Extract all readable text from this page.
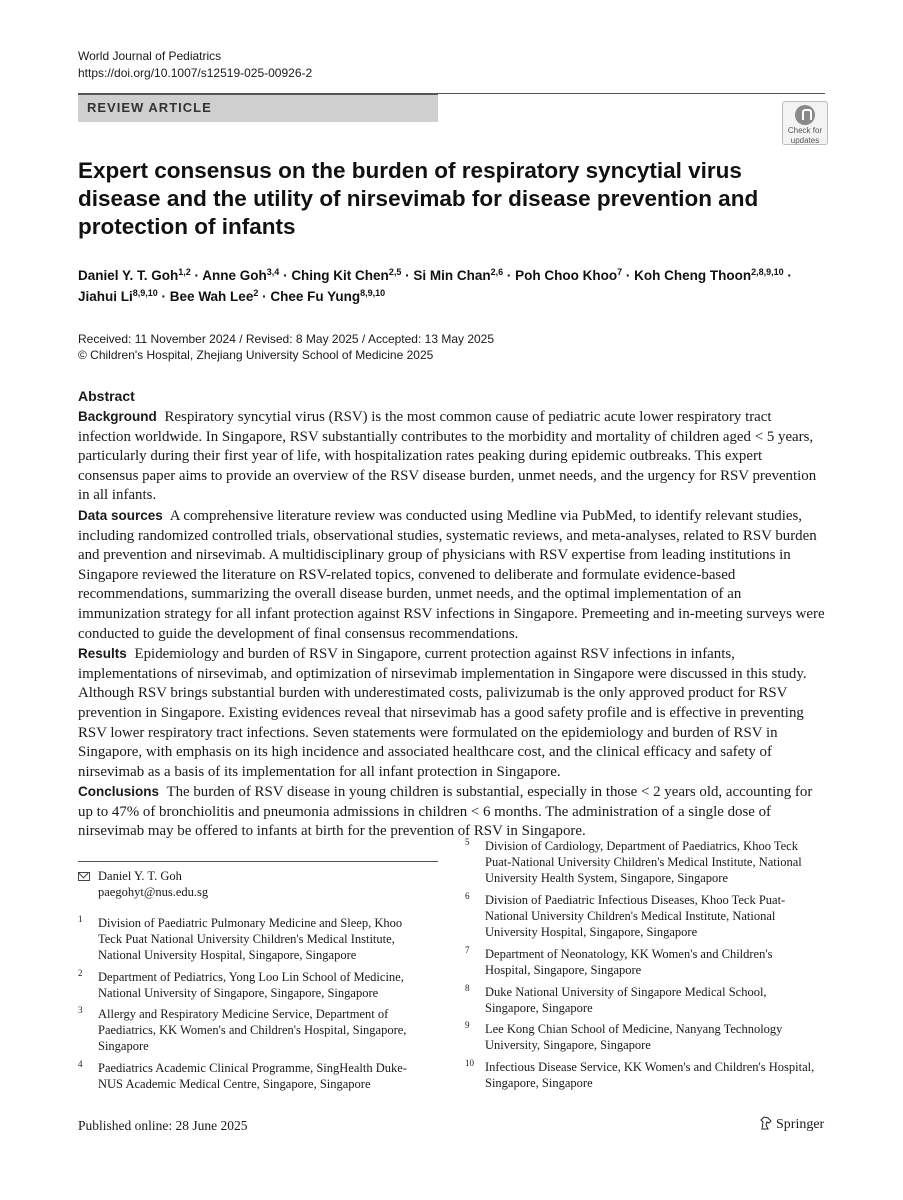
World Journal of Pediatrics
https://doi.org/10.1007/s12519-025-00926-2
REVIEW ARTICLE
Check for
updates
Expert consensus on the burden of respiratory syncytial virus disease and the utility of nirsevimab for disease prevention and protection of infants
Daniel Y. T. Goh$^{1,2}$ · Anne Goh$^{3,4}$ · Ching Kit Chen$^{2,5}$ · Si Min Chan$^{2,6}$ · Poh Choo Khoo$^7$ · Koh Cheng Thoon$^{2,8,9,10}$ ·
Jiahui Li$^{8,9,10}$ · Bee Wah Lee$^2$ · Chee Fu Yung$^{8,9,10}$
Received: 11 November 2024 / Revised: 8 May 2025 / Accepted: 13 May 2025
© Children's Hospital, Zhejiang University School of Medicine 2025
Abstract

Background Respiratory syncytial virus (RSV) is the most common cause of pediatric acute lower respiratory tract infection worldwide. In Singapore, RSV substantially contributes to the morbidity and mortality of children aged < 5 years, particularly during their first year of life, with hospitalization rates peaking during epidemic outbreaks. This expert consensus paper aims to provide an overview of the RSV disease burden, unmet needs, and the urgency for RSV prevention in all infants.

Data sources A comprehensive literature review was conducted using Medline via PubMed, to identify relevant studies, including randomized controlled trials, observational studies, systematic reviews, and meta-analyses, related to RSV burden and prevention and nirsevimab. A multidisciplinary group of physicians with RSV expertise from leading institutions in Singapore reviewed the literature on RSV-related topics, convened to deliberate and formulate evidence-based recommendations, summarizing the overall disease burden, unmet needs, and the optimal implementation of an immunization strategy for all infant protection against RSV infections in Singapore. Premeeting and in-meeting surveys were conducted to guide the development of final consensus recommendations.

Results Epidemiology and burden of RSV in Singapore, current protection against RSV infections in infants, implementations of nirsevimab, and optimization of nirsevimab implementation in Singapore were discussed in this study. Although RSV brings substantial burden with underestimated costs, palivizumab is the only approved product for RSV prevention in Singapore. Existing evidences reveal that nirsevimab has a good safety profile and is effective in preventing RSV lower respiratory tract infections. Seven statements were formulated on the epidemiology and burden of RSV in Singapore, with emphasis on its high incidence and associated healthcare cost, and the clinical efficacy and safety of nirsevimab as a basis of its implementation for all infant protection in Singapore.

Conclusions The burden of RSV disease in young children is substantial, especially in those < 2 years old, accounting for up to 47% of bronchiolitis and pneumonia admissions in children < 6 months. The administration of a single dose of nirsevimab may be offered to infants at birth for the prevention of RSV in Singapore.

Daniel Y. T. Goh
paegohyt@nus.edu.sg
1 Division of Paediatric Pulmonary Medicine and Sleep, Khoo Teck Puat National University Children's Medical Institute, National University Hospital, Singapore, Singapore
2 Department of Pediatrics, Yong Loo Lin School of Medicine, National University of Singapore, Singapore, Singapore
3 Allergy and Respiratory Medicine Service, Department of Paediatrics, KK Women's and Children's Hospital, Singapore, Singapore
4 Paediatrics Academic Clinical Programme, SingHealth Duke-NUS Academic Medical Centre, Singapore, Singapore
5 Division of Cardiology, Department of Paediatrics, Khoo Teck Puat-National University Children's Medical Institute, National University Health System, Singapore, Singapore
6 Division of Paediatric Infectious Diseases, Khoo Teck Puat-National University Children's Medical Institute, National University Hospital, Singapore, Singapore
7 Department of Neonatology, KK Women's and Children's Hospital, Singapore, Singapore
8 Duke National University of Singapore Medical School, Singapore, Singapore
9 Lee Kong Chian School of Medicine, Nanyang Technology University, Singapore, Singapore
10 Infectious Disease Service, KK Women's and Children's Hospital, Singapore, Singapore
Published online: 28 June 2025	Springer
